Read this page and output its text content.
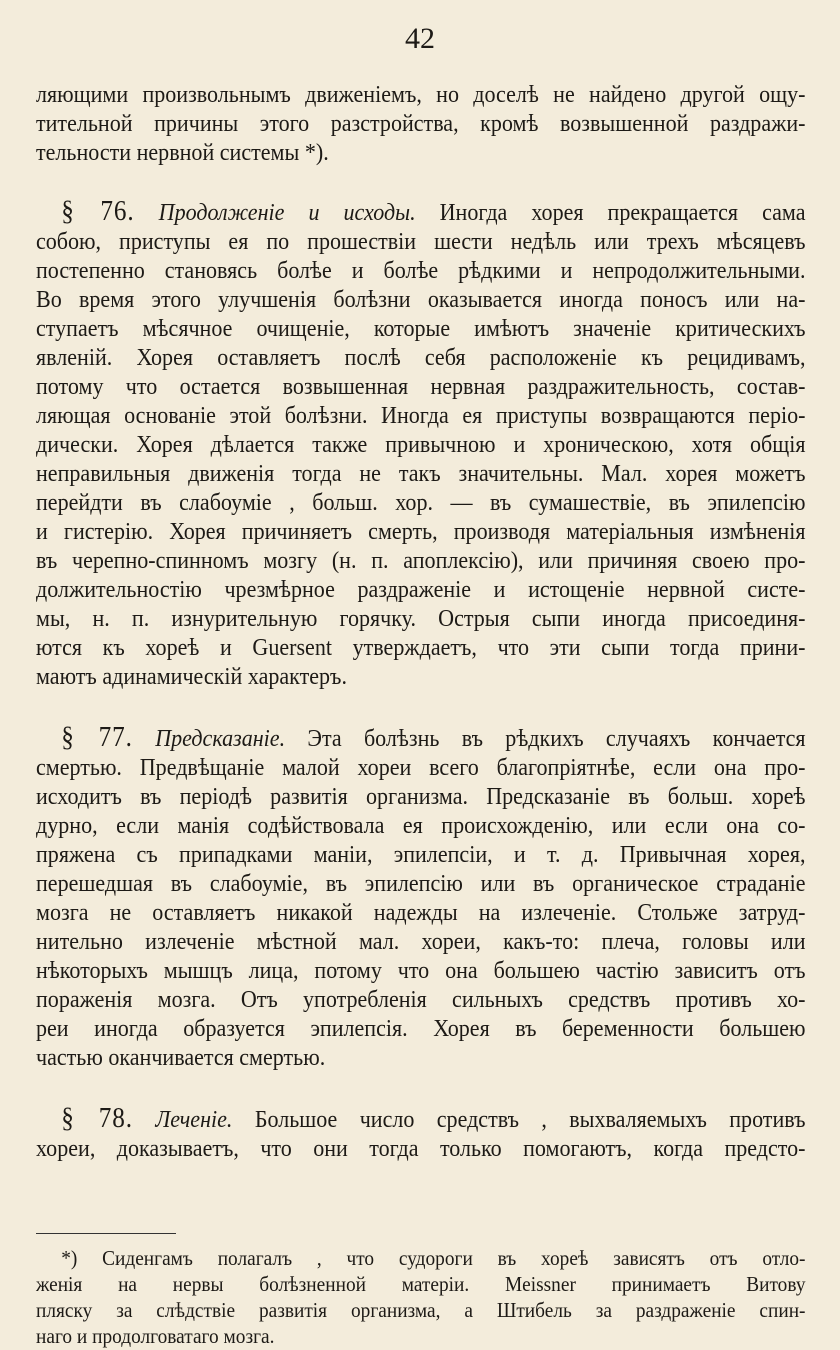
42
ляющими произвольнымъ движенiемъ, но доселѣ не найдено другой ощу-
тительной причины этого разстройства, кромѣ возвышенной раздражи-
тельности нервной системы *).
§ 76. Продолженiе и исходы. Иногда хорея прекращается сама
собою, приступы ея по прошествiи шести недѣль или трехъ мѣсяцевъ
постепенно становясь болѣе и болѣе рѣдкими и непродолжительными.
Во время этого улучшенiя болѣзни оказывается иногда поносъ или на-
ступаетъ мѣсячное очищенiе, которые имѣютъ значенiе критическихъ
явленiй. Хорея оставляетъ послѣ себя расположенiе къ рецидивамъ,
потому что остается возвышенная нервная раздражительность, состав-
ляющая основанiе этой болѣзни. Иногда ея приступы возвращаются перiо-
дически. Хорея дѣлается также привычною и хроническою, хотя общiя
неправильныя движенiя тогда не такъ значительны. Мал. хорея можетъ
перейдти въ слабоумiе , больш. хор. — въ сумашествiе, въ эпилепсiю
и гистерiю. Хорея причиняетъ смерть, производя матерiальныя измѣненiя
въ черепно-спинномъ мозгу (н. п. апоплексiю), или причиняя своею про-
должительностiю чрезмѣрное раздраженiе и истощенiе нервной систе-
мы, н. п. изнурительную горячку. Острыя сыпи иногда присоединя-
ются къ хореѣ и Guersent утверждаетъ, что эти сыпи тогда прини-
маютъ адинамическiй характеръ.
§ 77. Предсказанiе. Эта болѣзнь въ рѣдкихъ случаяхъ кончается
смертью. Предвѣщанiе малой хореи всего благопрiятнѣе, если она про-
исходитъ въ перiодѣ развитiя организма. Предсказанiе въ больш. хореѣ
дурно, если манiя содѣйствовала ея происхожденiю, или если она со-
пряжена съ припадками манiи, эпилепсiи, и т. д. Привычная хорея,
перешедшая въ слабоумiе, въ эпилепсiю или въ органическое страданiе
мозга не оставляетъ никакой надежды на излеченiе. Стольже затруд-
нительно излеченiе мѣстной мал. хореи, какъ-то: плеча, головы или
нѣкоторыхъ мышцъ лица, потому что она большею частiю зависитъ отъ
пораженiя мозга. Отъ употребленiя сильныхъ средствъ противъ хо-
реи иногда образуется эпилепсiя. Хорея въ беременности большею
частью оканчивается смертью.
§ 78. Леченiе. Большое число средствъ , выхваляемыхъ противъ
хореи, доказываетъ, что они тогда только помогаютъ, когда предсто-
*) Сиденгамъ полагалъ , что судороги въ хореѣ зависятъ отъ отло-
женiя на нервы болѣзненной матерiи. Meissner принимаетъ Витову
пляску за слѣдствiе развитiя организма, а Штибель за раздраженiе спин-
наго и продолговатаго мозга.
